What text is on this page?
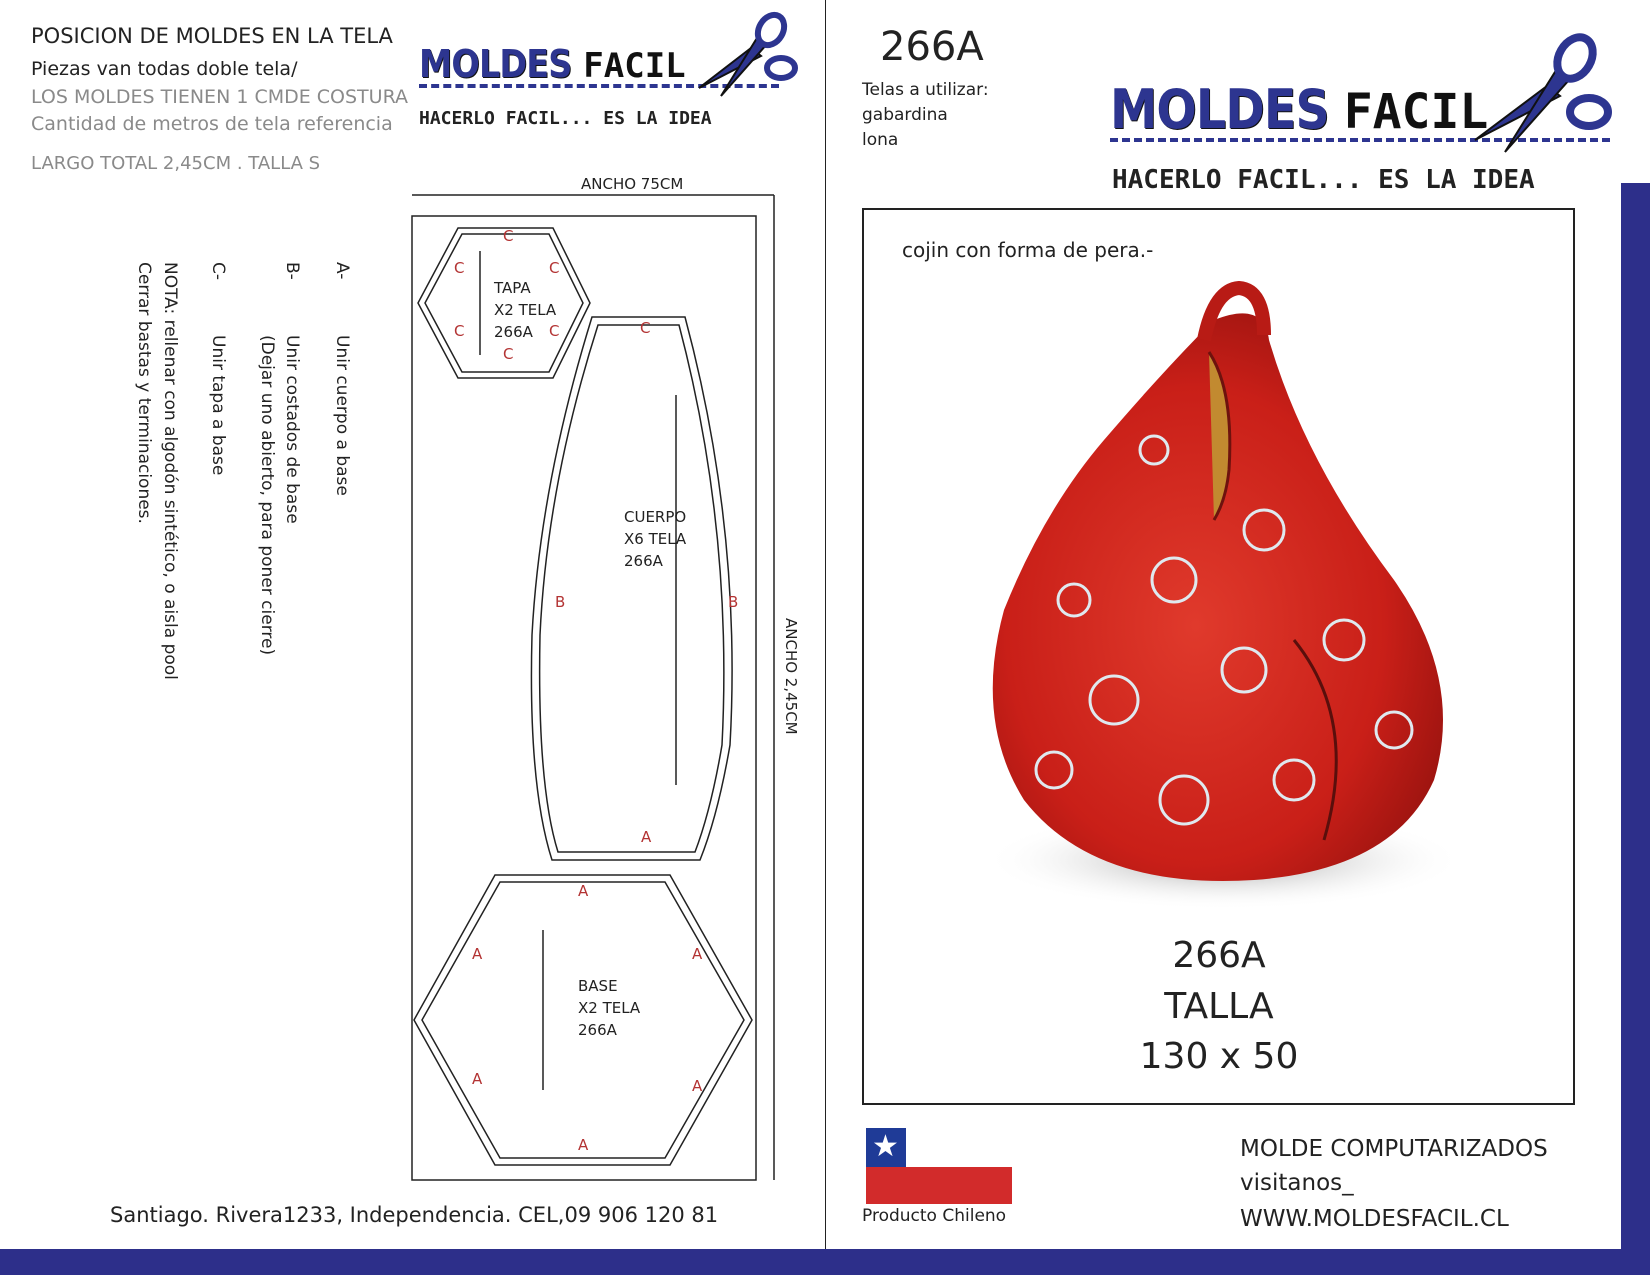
POSICION DE MOLDES EN LA TELA
Piezas van todas doble tela/
LOS MOLDES TIENEN 1 CMDE COSTURA
Cantidad de metros de tela referencia
LARGO TOTAL 2,45CM . TALLA S
MOLDES FACIL
HACERLO FACIL... ES LA IDEA
A-
Unir cuerpo a base
B-
Unir costados de base
(Dejar uno abierto, para poner cierre)
C-
Unir tapa a base
NOTA: rellenar con algodón sintético, o aisla pool
Cerrar bastas y terminaciones.
ANCHO 75CM
ANCHO 2,45CM
TAPA
X2 TELA
266A
CUERPO
X6 TELA
266A
BASE
X2 TELA
266A
C
C	C
C	C
C
C
B	B
A
A
A	A
A	A
A
Santiago. Rivera1233, Independencia. CEL,09 906 120 81
266A
Telas a utilizar:
gabardina
lona	MOLDES FACIL
HACERLO FACIL... ES LA IDEA
cojin con forma de pera.-
266A
TALLA
130 x 50
★
Producto Chileno
MOLDE COMPUTARIZADOS
visitanos_
WWW.MOLDESFACIL.CL
